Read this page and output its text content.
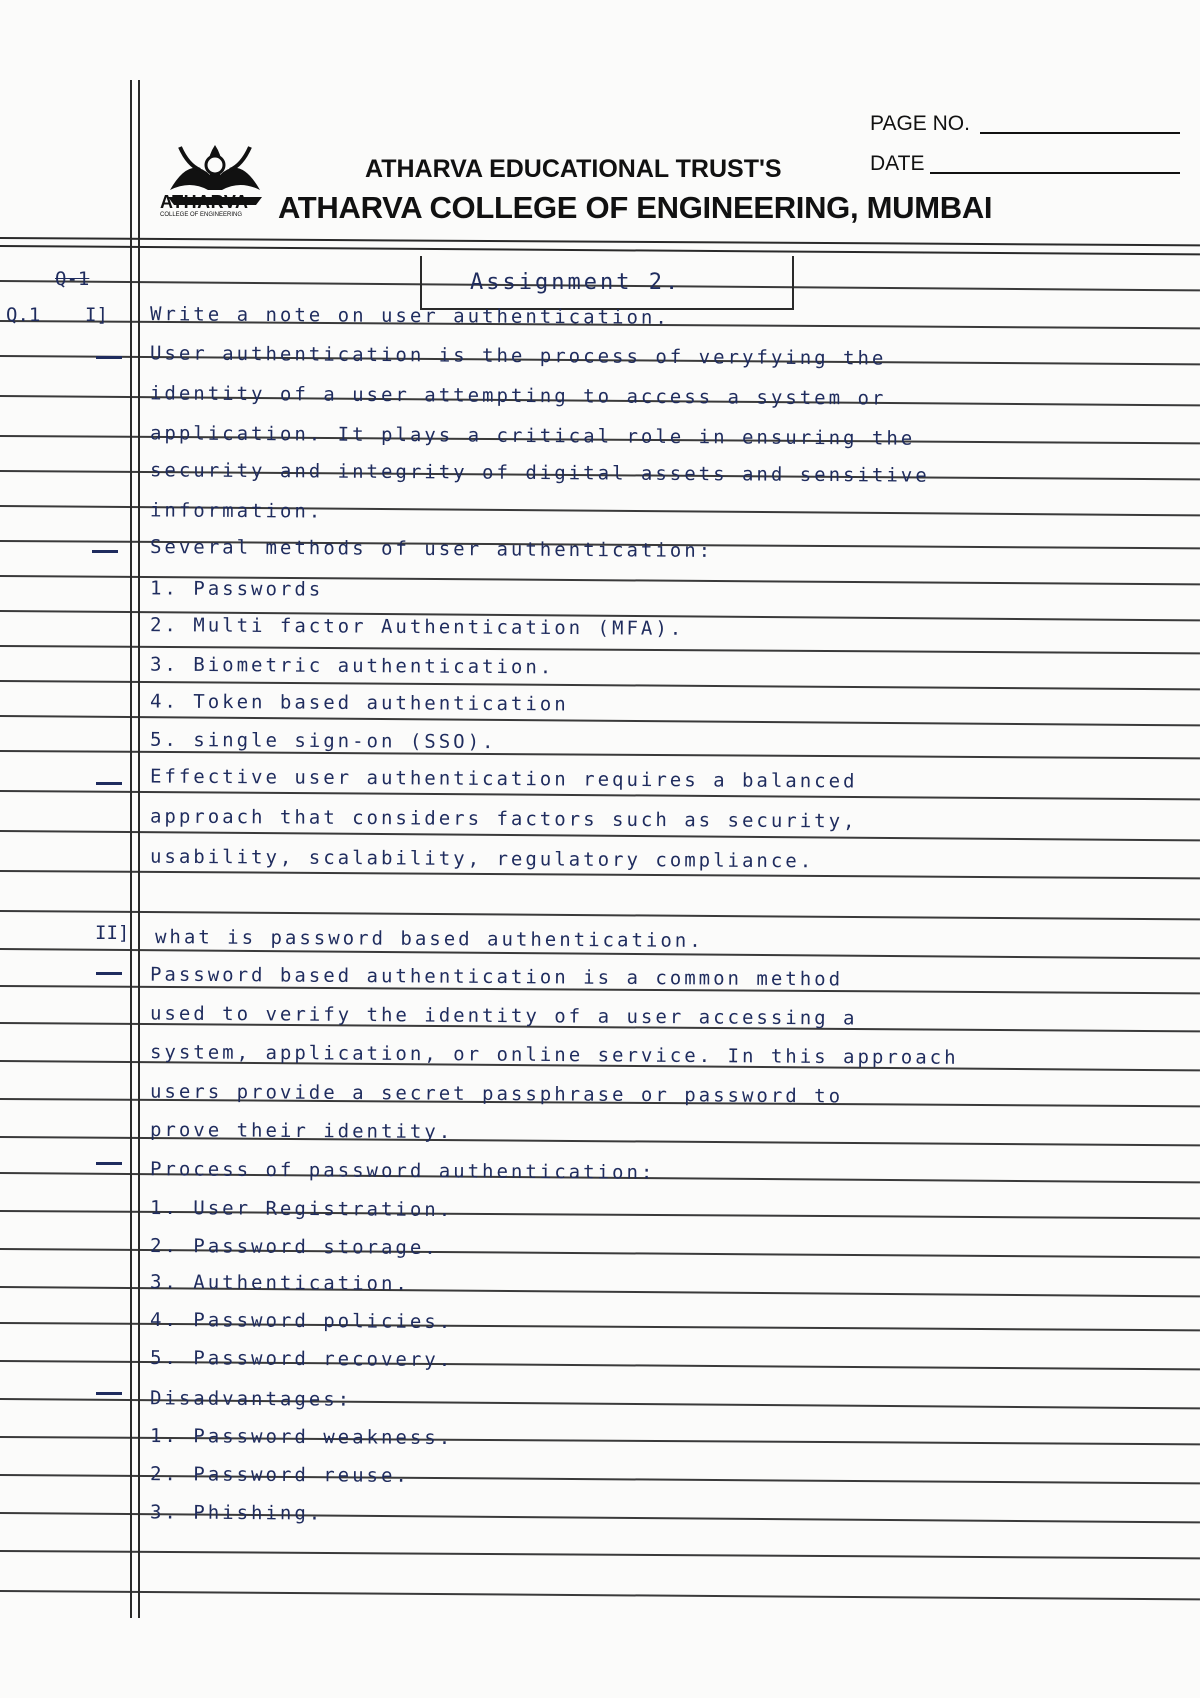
ATHARVA
COLLEGE OF ENGINEERING
ATHARVA EDUCATIONAL TRUST'S
ATHARVA COLLEGE OF ENGINEERING, MUMBAI
PAGE NO.
DATE
Assignment 2.
Q-1
Q.1 I]
II]
Write a note on user authentication.
User authentication is the process of veryfying the
identity of a user attempting to access a system or
application. It plays a critical role in ensuring the
security and integrity of digital assets and sensitive
information.
Several methods of user authentication:
1. Passwords
2. Multi factor Authentication (MFA).
3. Biometric authentication.
4. Token based authentication
5. single sign-on (SSO).
Effective user authentication requires a balanced
approach that considers factors such as security,
usability, scalability, regulatory compliance.
what is password based authentication.
Password based authentication is a common method
used to verify the identity of a user accessing a
system, application, or online service. In this approach
users provide a secret passphrase or password to
prove their identity.
Process of password authentication:
1. User Registration.
2. Password storage.
3. Authentication.
4. Password policies.
5. Password recovery.
Disadvantages:
1. Password weakness.
2. Password reuse.
3. Phishing.
